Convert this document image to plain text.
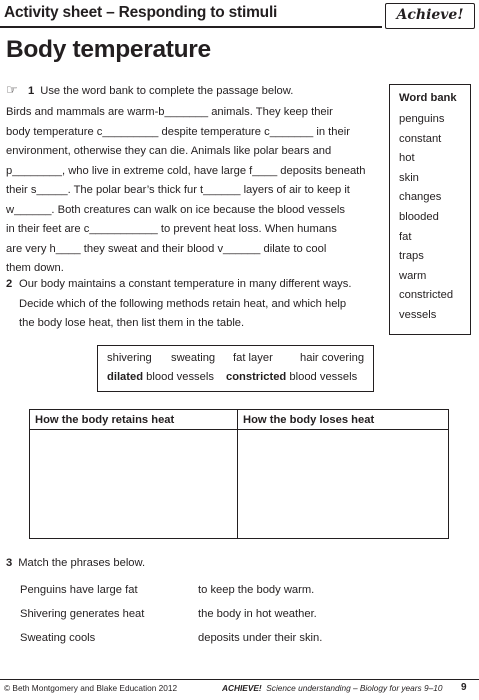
Activity sheet – Responding to stimuli	Achieve!
Body temperature
☞ 1 Use the word bank to complete the passage below.
Birds and mammals are warm-b_______ animals. They keep their
body temperature c_________ despite temperature c_______ in their
environment, otherwise they can die. Animals like polar bears and
p________, who live in extreme cold, have large f____ deposits beneath
their s_____. The polar bear’s thick fur t______ layers of air to keep it
w______. Both creatures can walk on ice because the blood vessels
in their feet are c___________ to prevent heat loss. When humans
are very h____ they sweat and their blood v______ dilate to cool
them down.
Word bank
penguins
constant
hot
skin
changes
blooded
fat
traps
warm
constricted
vessels
2 Our body maintains a constant temperature in many different ways.
Decide which of the following methods retain heat, and which help
the body lose heat, then list them in the table.
shivering sweating fat layer hair covering
dilated blood vessels constricted blood vessels
How the body retains heat	How the body loses heat
3 Match the phrases below.
Penguins have large fat	to keep the body warm.
Shivering generates heat	the body in hot weather.
Sweating cools	deposits under their skin.
© Beth Montgomery and Blake Education 2012	ACHIEVE!  Science understanding – Biology for years 9–10 9
